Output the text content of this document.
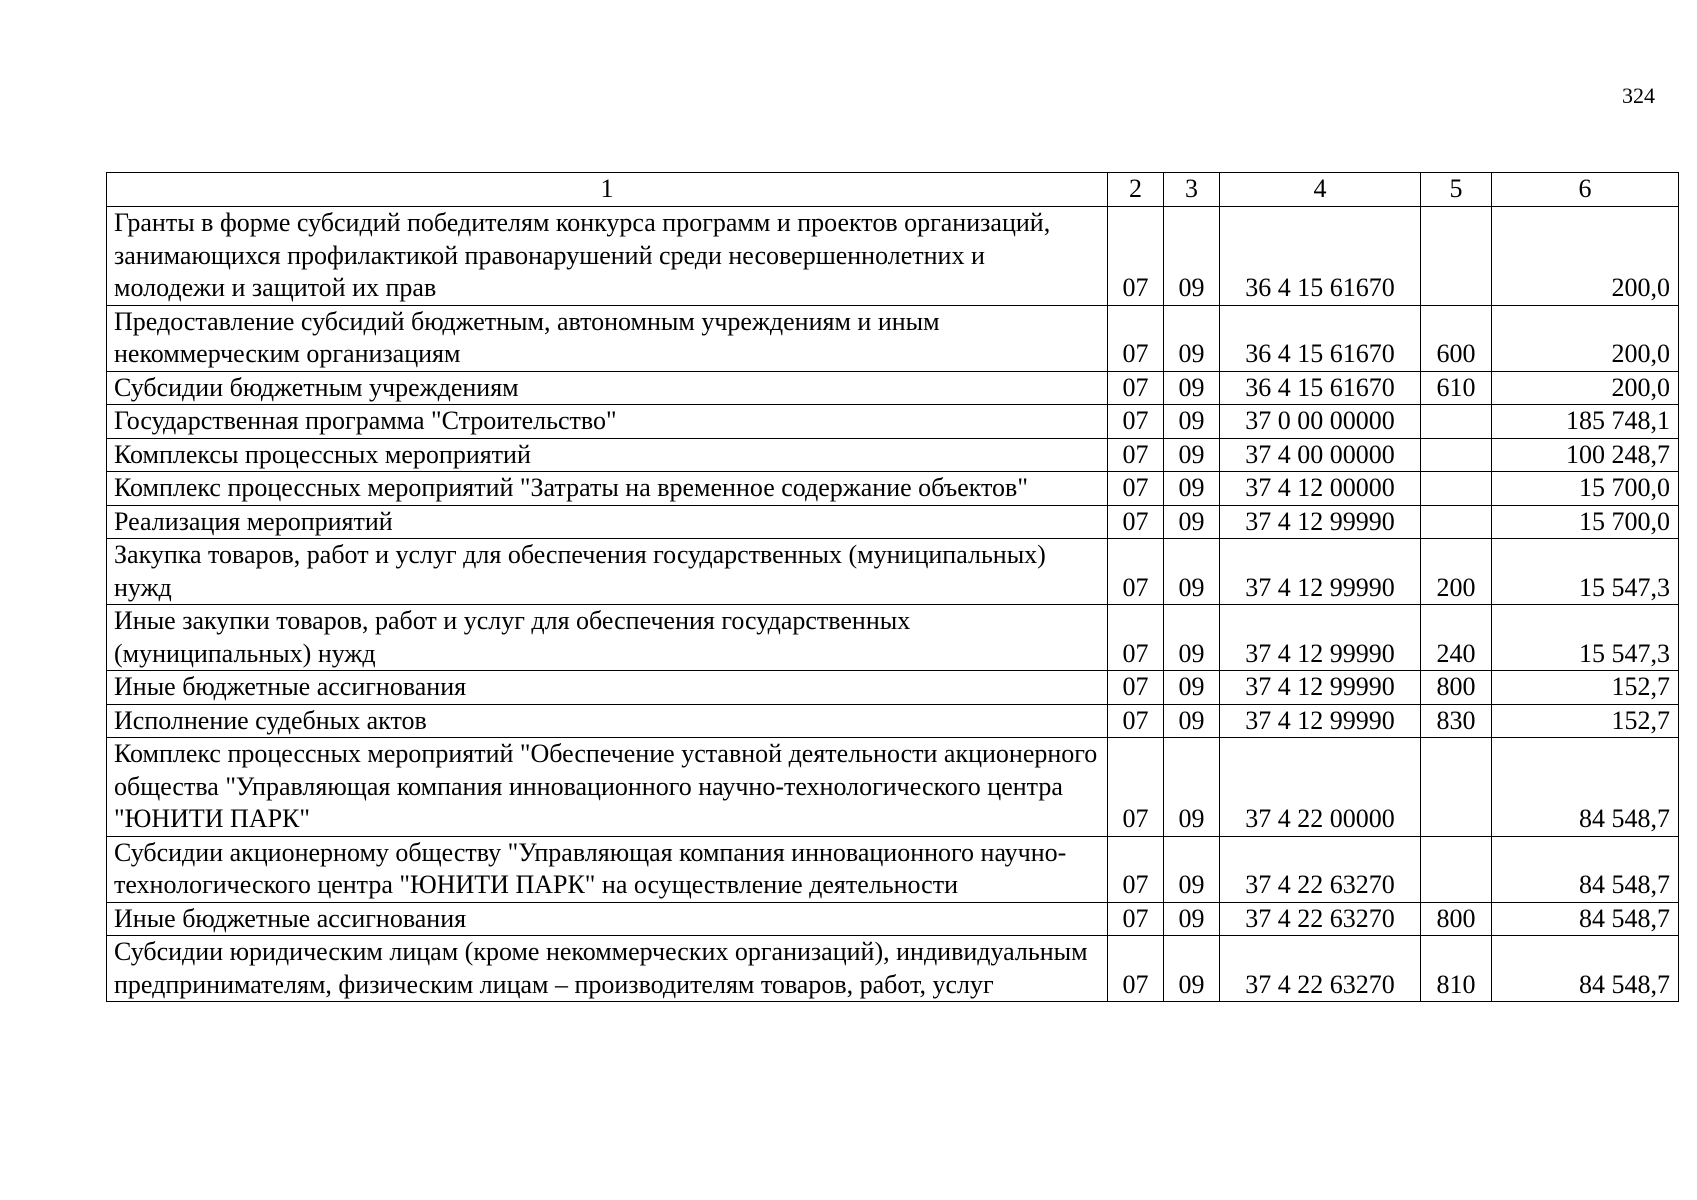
324
1	2	3	4	5	6
Гранты в форме субсидий победителям конкурса программ и проектов организаций, занимающихся профилактикой правонарушений среди несовершеннолетних и молодежи и защитой их прав	07	09	36 4 15 61670		200,0
Предоставление субсидий бюджетным, автономным учреждениям и иным некоммерческим организациям	07	09	36 4 15 61670	600	200,0
Субсидии бюджетным учреждениям	07	09	36 4 15 61670	610	200,0
Государственная программа "Строительство"	07	09	37 0 00 00000		185 748,1
Комплексы процессных мероприятий	07	09	37 4 00 00000		100 248,7
Комплекс процессных мероприятий "Затраты на временное содержание объектов"	07	09	37 4 12 00000		15 700,0
Реализация мероприятий	07	09	37 4 12 99990		15 700,0
Закупка товаров, работ и услуг для обеспечения государственных (муниципальных) нужд	07	09	37 4 12 99990	200	15 547,3
Иные закупки товаров, работ и услуг для обеспечения государственных (муниципальных) нужд	07	09	37 4 12 99990	240	15 547,3
Иные бюджетные ассигнования	07	09	37 4 12 99990	800	152,7
Исполнение судебных актов	07	09	37 4 12 99990	830	152,7
Комплекс процессных мероприятий "Обеспечение уставной деятельности акционерного общества "Управляющая компания инновационного научно-технологического центра "ЮНИТИ ПАРК"	07	09	37 4 22 00000		84 548,7
Субсидии акционерному обществу "Управляющая компания инновационного научно-технологического центра "ЮНИТИ ПАРК" на осуществление деятельности	07	09	37 4 22 63270		84 548,7
Иные бюджетные ассигнования	07	09	37 4 22 63270	800	84 548,7
Субсидии юридическим лицам (кроме некоммерческих организаций), индивидуальным предпринимателям, физическим лицам – производителям товаров, работ, услуг	07	09	37 4 22 63270	810	84 548,7
